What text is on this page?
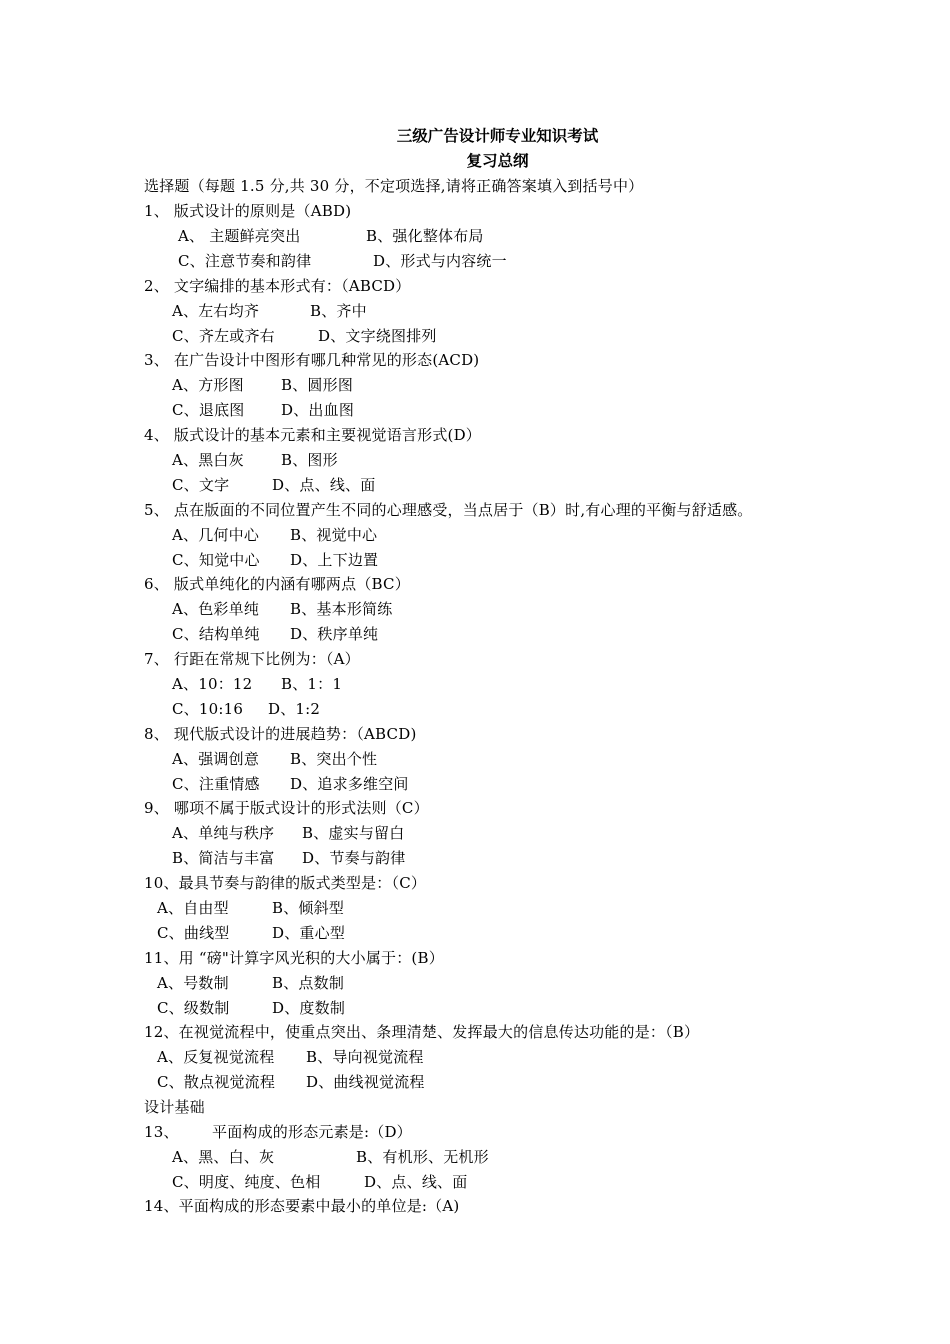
三级广告设计师专业知识考试
复习总纲
选择题（每题 1.5 分,共 30 分，不定项选择,请将正确答案填入到括号中）
1、 版式设计的原则是（ABD)
A、 主题鲜亮突出	B、强化整体布局
C、注意节奏和韵律	D、形式与内容统一
2、 文字编排的基本形式有：（ABCD）
A、左右均齐	B、齐中
C、齐左或齐右	D、文字绕图排列
3、 在广告设计中图形有哪几种常见的形态(ACD)
A、方形图 B、圆形图
C、退底图 D、出血图
4、 版式设计的基本元素和主要视觉语言形式(D）
A、黑白灰 B、图形
C、文字	D、点、线、面
5、 点在版面的不同位置产生不同的心理感受，当点居于（B）时,有心理的平衡与舒适感。
A、几何中心 B、视觉中心
C、知觉中心 D、上下边置
6、 版式单纯化的内涵有哪两点（BC）
A、色彩单纯 B、基本形简练
C、结构单纯 D、秩序单纯
7、 行距在常规下比例为：（A）
A、10：12 B、1：1
C、10:16 D、1:2
8、 现代版式设计的进展趋势：（ABCD)
A、强调创意 B、突出个性
C、注重情感 D、追求多维空间
9、 哪项不属于版式设计的形式法则（C）
A、单纯与秩序 B、虚实与留白
B、简洁与丰富 D、节奏与韵律
10、最具节奏与韵律的版式类型是：（C）
A、自由型	B、倾斜型
C、曲线型	D、重心型
11、用 “磅"计算字风光积的大小属于：(B）
A、号数制	B、点数制
C、级数制	D、度数制
12、在视觉流程中，使重点突出、条理清楚、发挥最大的信息传达功能的是：（B）
A、反复视觉流程 B、导向视觉流程
C、散点视觉流程 D、曲线视觉流程
设计基础
13、 平面构成的形态元素是:（D）
A、黑、白、灰	B、有机形、无机形
C、明度、纯度、色相	D、点、线、面
14、平面构成的形态要素中最小的单位是:（A)
